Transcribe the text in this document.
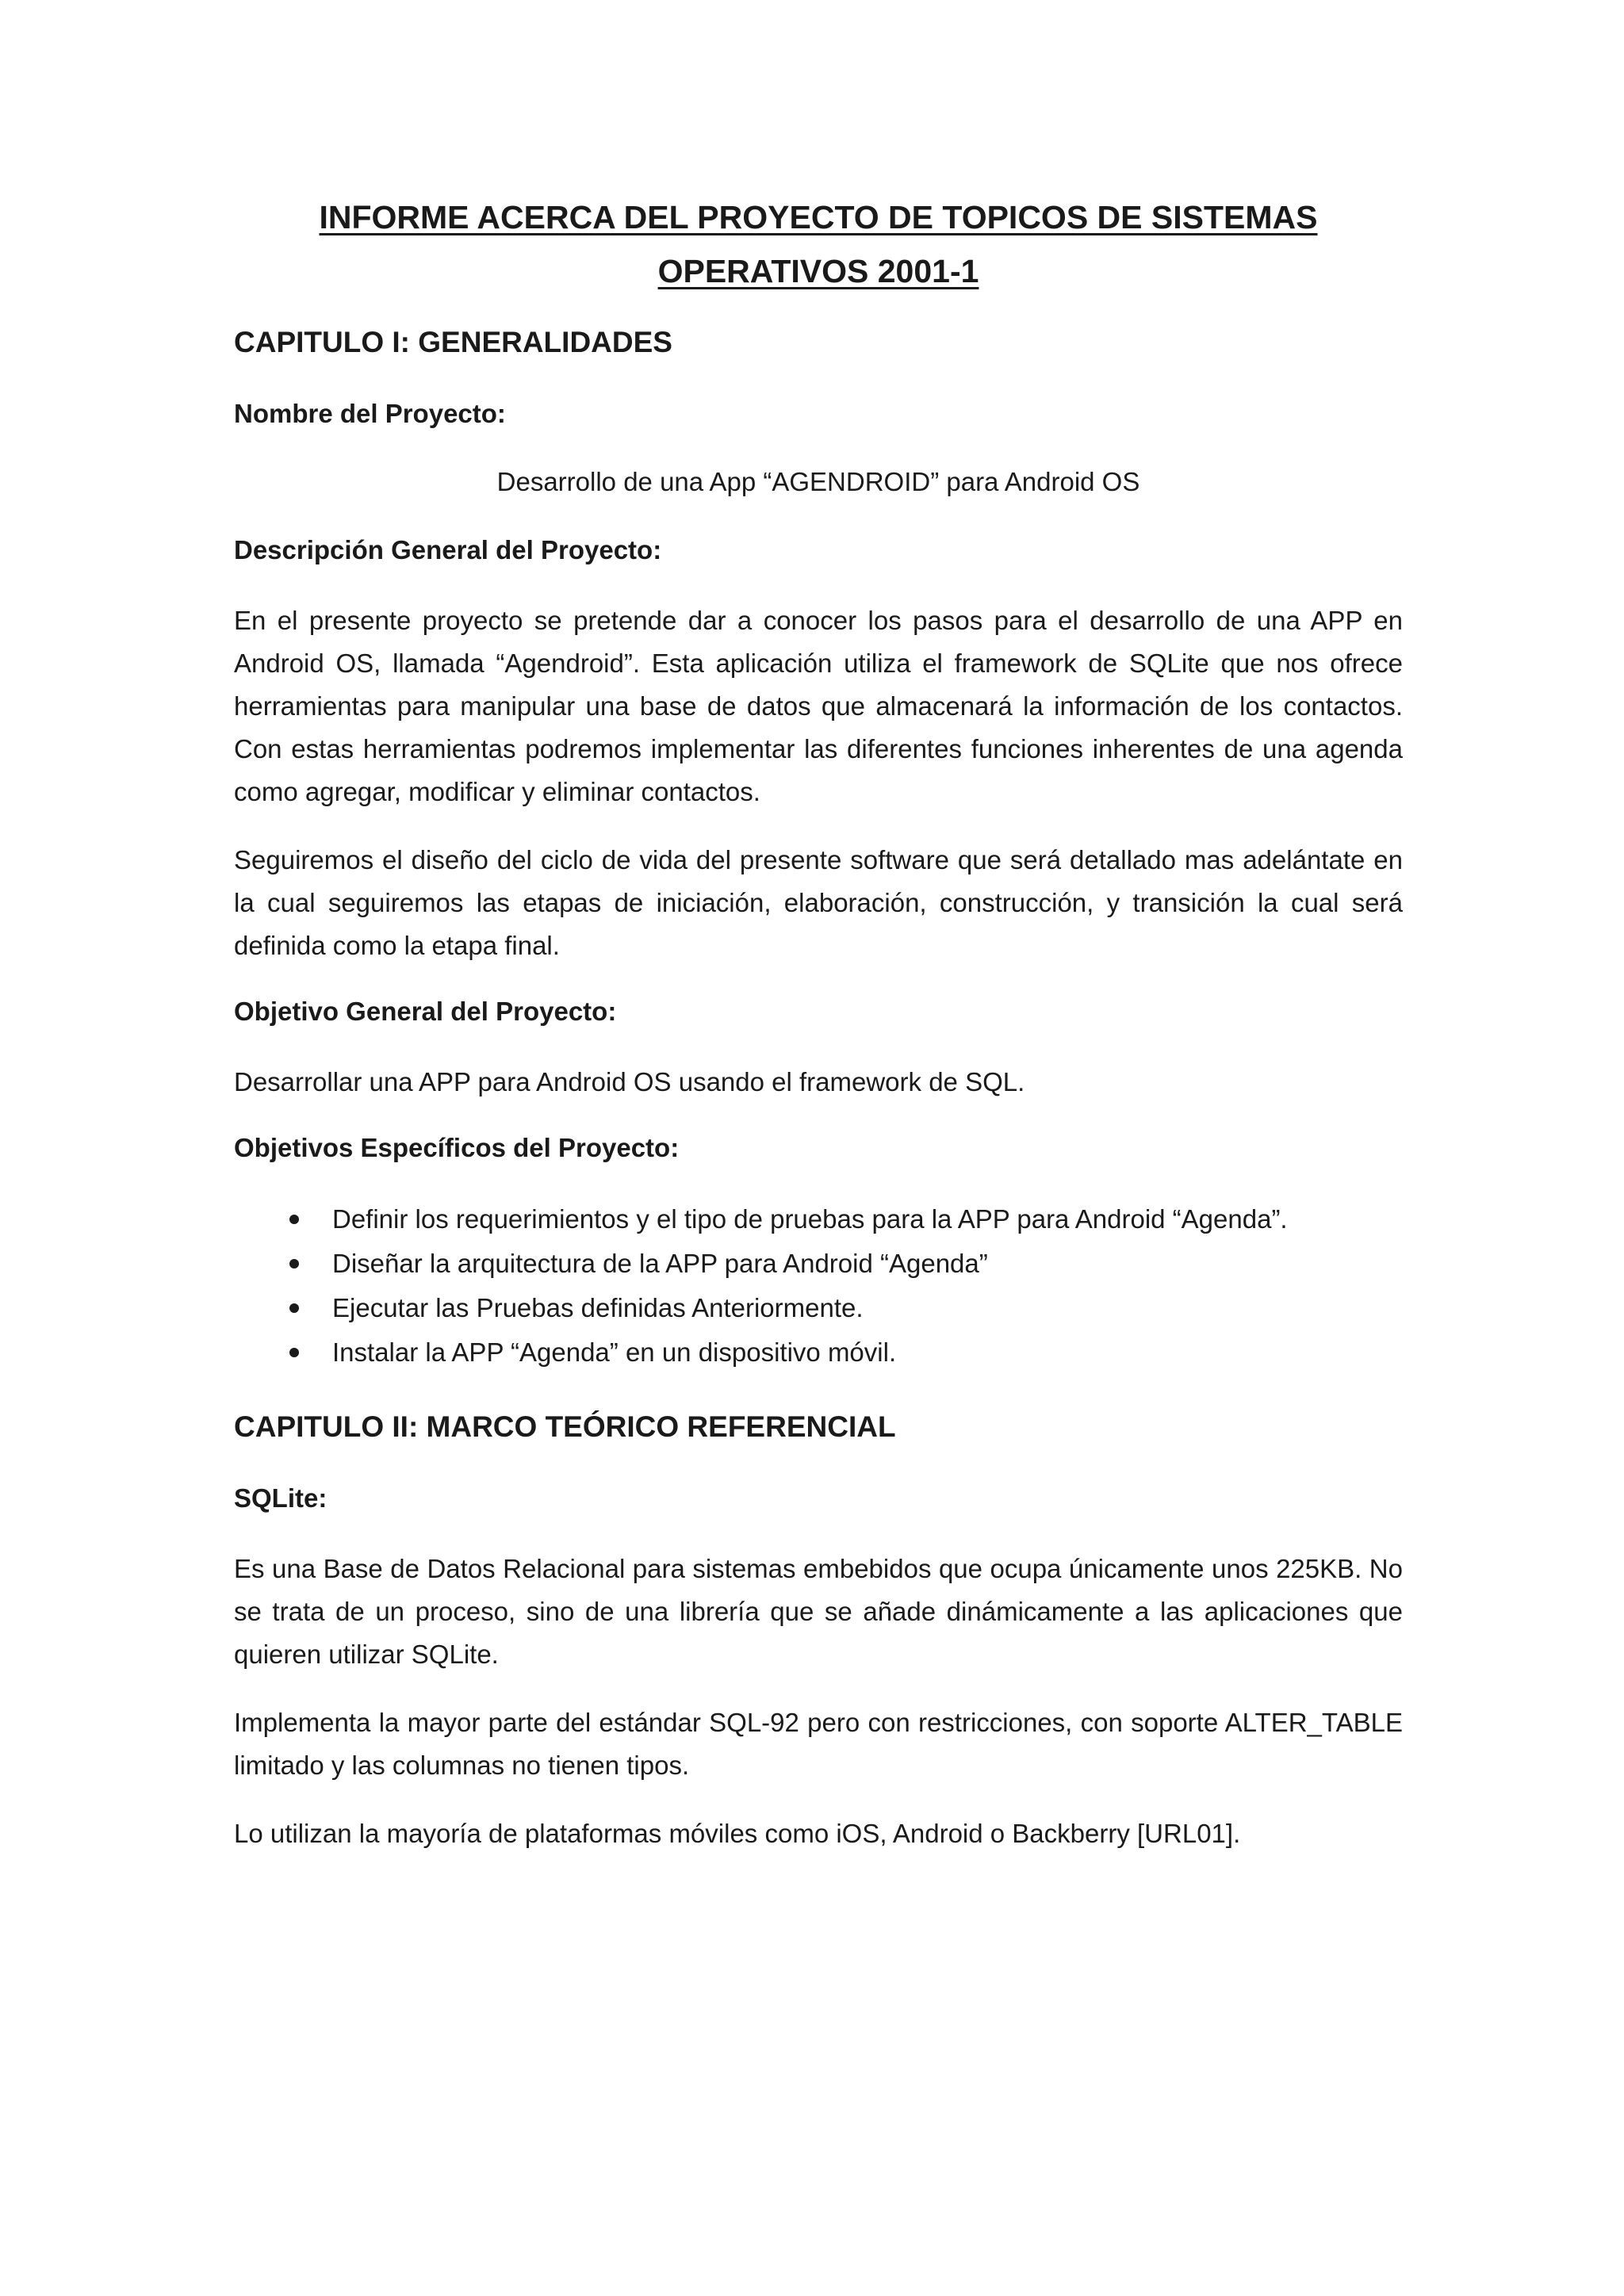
INFORME ACERCA DEL PROYECTO DE TOPICOS DE SISTEMAS
OPERATIVOS 2001-1
CAPITULO I: GENERALIDADES
Nombre del Proyecto:
Desarrollo de una App “AGENDROID” para Android OS
Descripción General del Proyecto:

En el presente proyecto se pretende dar a conocer los pasos para el desarrollo de una APP en Android OS, llamada “Agendroid”. Esta aplicación utiliza el framework de SQLite que nos ofrece herramientas para manipular una base de datos que almacenará la información de los contactos. Con estas herramientas podremos implementar las diferentes funciones inherentes de una agenda como agregar, modificar y eliminar contactos.

Seguiremos el diseño del ciclo de vida del presente software que será detallado mas adelántate en la cual seguiremos las etapas de iniciación, elaboración, construcción, y transición la cual será definida como la etapa final.

Objetivo General del Proyecto:

Desarrollar una APP para Android OS usando el framework de SQL.

Objetivos Específicos del Proyecto:
Definir los requerimientos y el tipo de pruebas para la APP para Android “Agenda”.
Diseñar la arquitectura de la APP para Android “Agenda”
Ejecutar las Pruebas definidas Anteriormente.
Instalar la APP “Agenda” en un dispositivo móvil.
CAPITULO II: MARCO TEÓRICO REFERENCIAL
SQLite:

Es una Base de Datos Relacional para sistemas embebidos que ocupa únicamente unos 225KB. No se trata de un proceso, sino de una librería que se añade dinámicamente a las aplicaciones que quieren utilizar SQLite.

Implementa la mayor parte del estándar SQL-92 pero con restricciones, con soporte ALTER_TABLE limitado y las columnas no tienen tipos.

Lo utilizan la mayoría de plataformas móviles como iOS, Android o Backberry [URL01].
